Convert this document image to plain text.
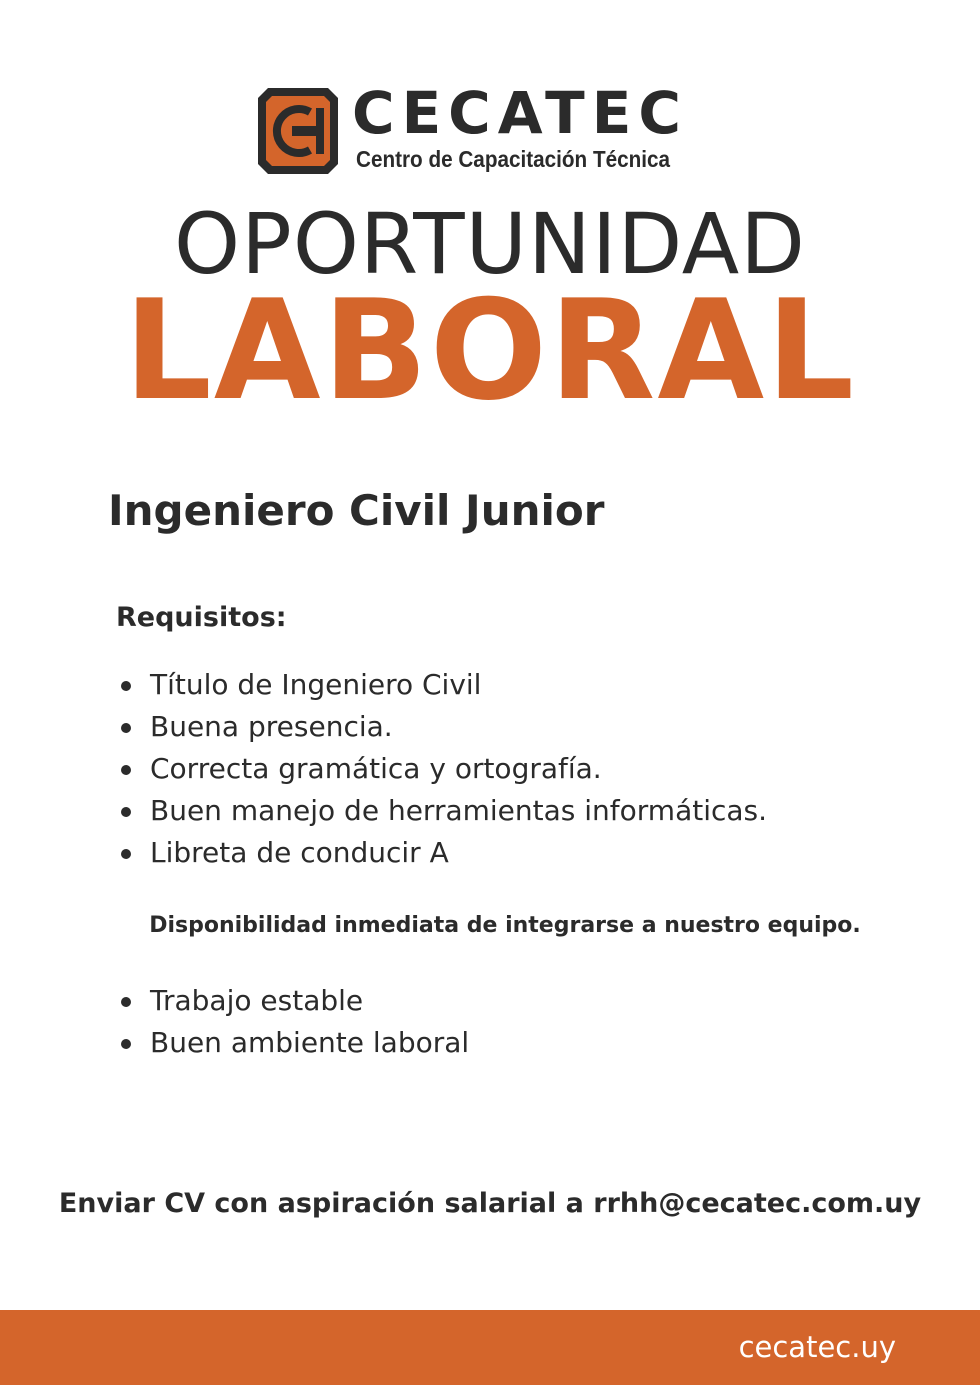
CECATEC
Centro de Capacitación Técnica
OPORTUNIDAD
LABORAL
Ingeniero Civil Junior
Requisitos:
Título de Ingeniero Civil
Buena presencia.
Correcta gramática y ortografía.
Buen manejo de herramientas informáticas.
Libreta de conducir A
Disponibilidad inmediata de integrarse a nuestro equipo.
Trabajo estable
Buen ambiente laboral
Enviar CV con aspiración salarial a rrhh@cecatec.com.uy
cecatec.uy
